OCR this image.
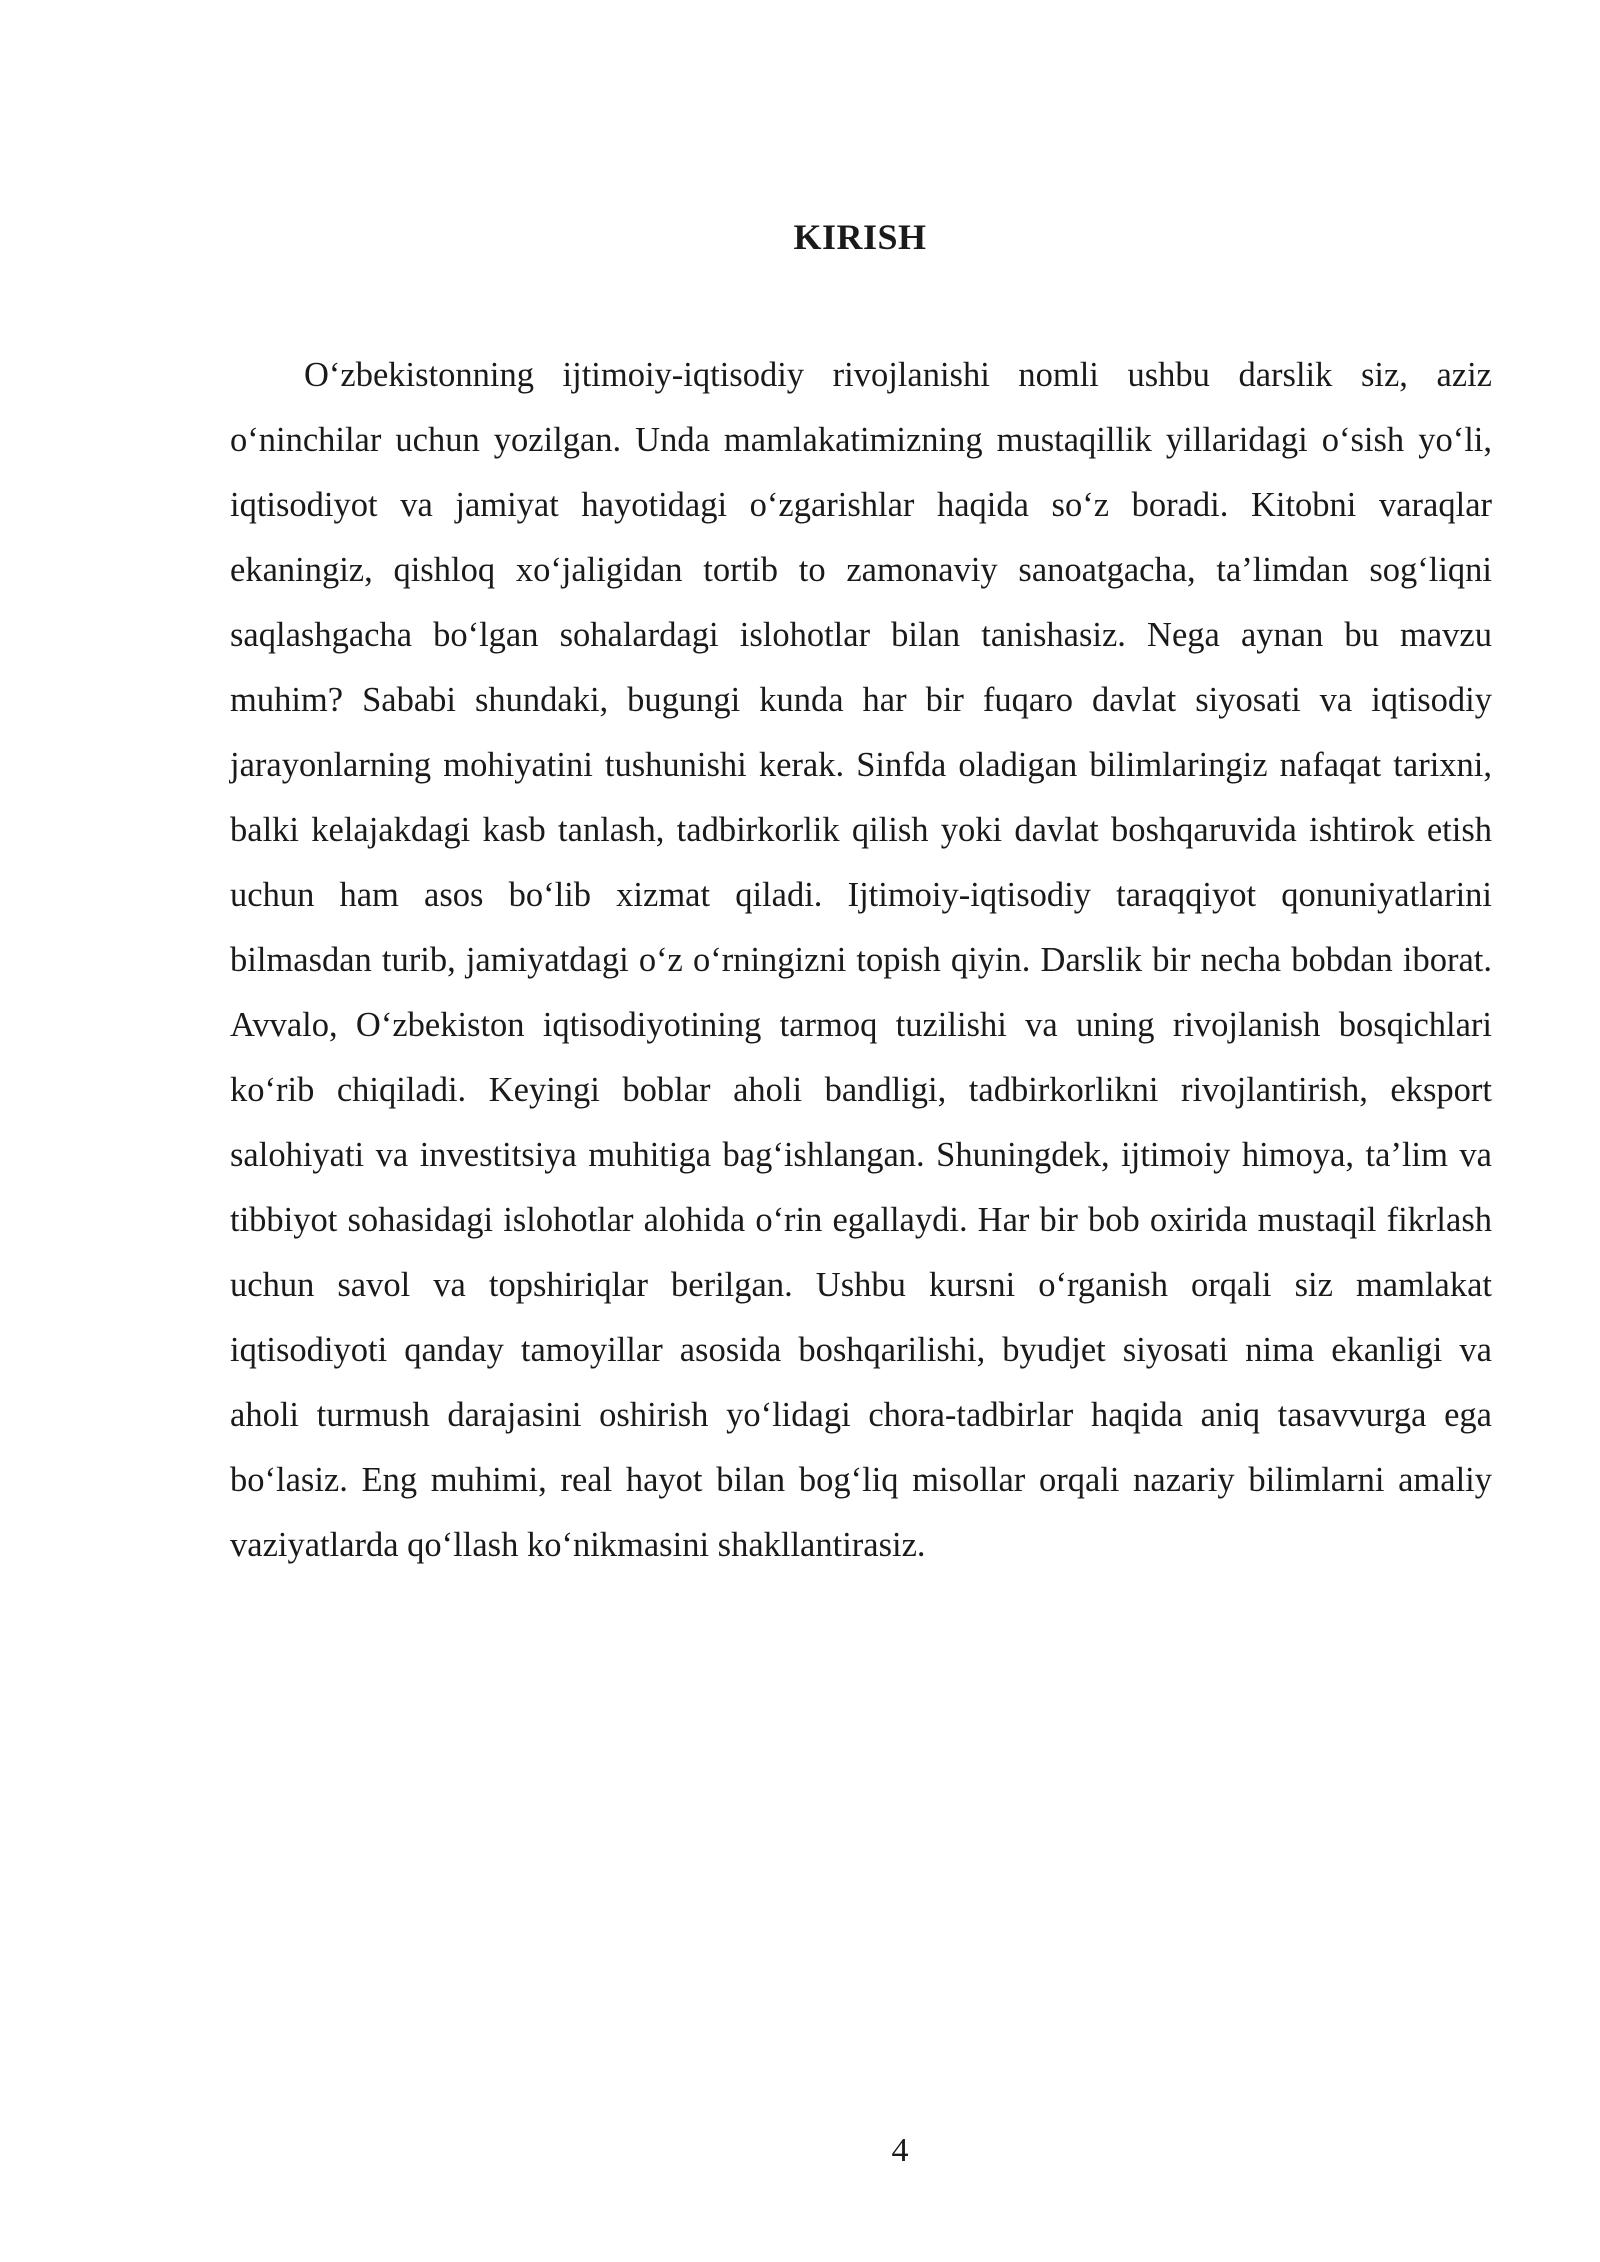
KIRISH

O‘zbekistonning ijtimoiy-iqtisodiy rivojlanishi nomli ushbu darslik siz, aziz o‘ninchilar uchun yozilgan. Unda mamlakatimizning mustaqillik yillaridagi o‘sish yo‘li, iqtisodiyot va jamiyat hayotidagi o‘zgarishlar haqida so‘z boradi. Kitobni varaqlar ekaningiz, qishloq xo‘jaligidan tortib to zamonaviy sanoatgacha, ta’limdan sog‘liqni saqlashgacha bo‘lgan sohalardagi islohotlar bilan tanishasiz. Nega aynan bu mavzu muhim? Sababi shundaki, bugungi kunda har bir fuqaro davlat siyosati va iqtisodiy jarayonlarning mohiyatini tushunishi kerak. Sinfda oladigan bilimlaringiz nafaqat tarixni, balki kelajakdagi kasb tanlash, tadbirkorlik qilish yoki davlat boshqaruvida ishtirok etish uchun ham asos bo‘lib xizmat qiladi. Ijtimoiy-iqtisodiy taraqqiyot qonuniyatlarini bilmasdan turib, jamiyatdagi o‘z o‘rningizni topish qiyin. Darslik bir necha bobdan iborat. Avvalo, O‘zbekiston iqtisodiyotining tarmoq tuzilishi va uning rivojlanish bosqichlari ko‘rib chiqiladi. Keyingi boblar aholi bandligi, tadbirkorlikni rivojlantirish, eksport salohiyati va investitsiya muhitiga bag‘ishlangan. Shuningdek, ijtimoiy himoya, ta’lim va tibbiyot sohasidagi islohotlar alohida o‘rin egallaydi. Har bir bob oxirida mustaqil fikrlash uchun savol va topshiriqlar berilgan. Ushbu kursni o‘rganish orqali siz mamlakat iqtisodiyoti qanday tamoyillar asosida boshqarilishi, byudjet siyosati nima ekanligi va aholi turmush darajasini oshirish yo‘lidagi chora-tadbirlar haqida aniq tasavvurga ega bo‘lasiz. Eng muhimi, real hayot bilan bog‘liq misollar orqali nazariy bilimlarni amaliy vaziyatlarda qo‘llash ko‘nikmasini shakllantirasiz.

4
